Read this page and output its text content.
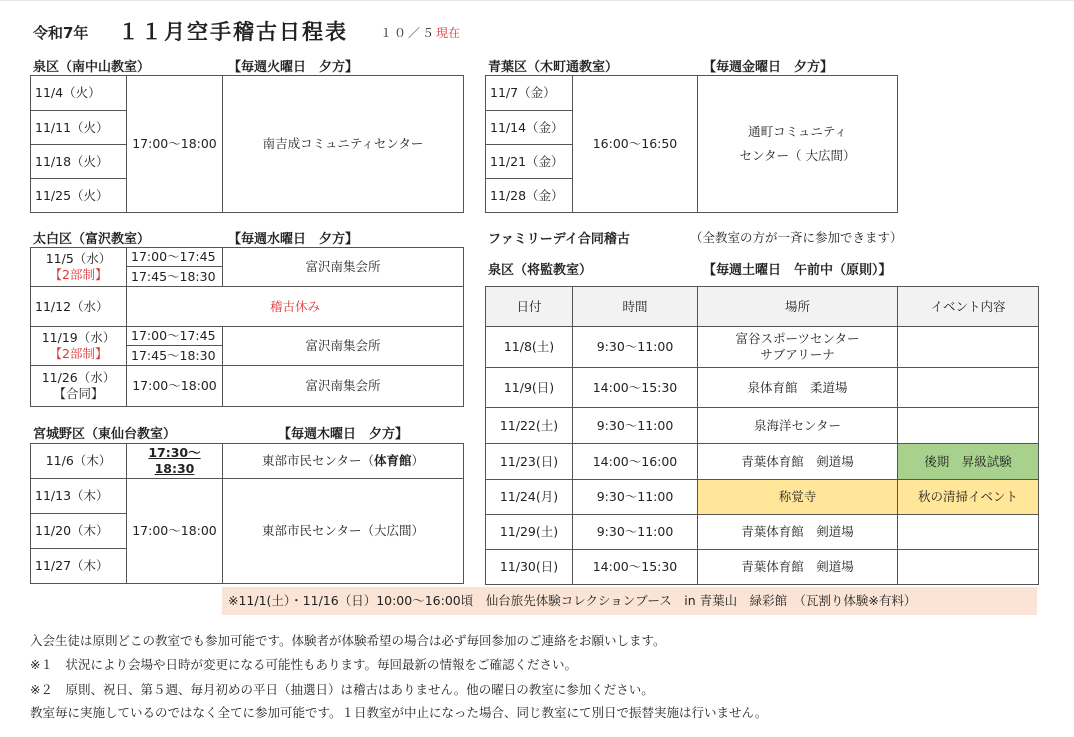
令和7年 １１月空手稽古日程表	１０／５現在
泉区（南中山教室）	【毎週火曜日　夕方】
11/4（火）	17:00〜18:00	南吉成コミュニティセンター
11/11（火）
11/18（火）
11/25（火）
青葉区（木町通教室）	【毎週金曜日　夕方】
11/7（金）	16:00〜16:50	
通町コミュニティ
センター（ 大広間）

11/14（金）
11/21（金）
11/28（金）
太白区（富沢教室）	【毎週水曜日　夕方】
11/5（水）
【2部制】	17:00〜17:45	富沢南集会所
	17:45〜18:30	
11/12（水）	稽古休み	

11/19（水）
【2部制】	17:00〜17:45	富沢南集会所
	17:45〜18:30	

11/26（水）
【合同】	17:00〜18:00	富沢南集会所
宮城野区（東仙台教室）	【毎週木曜日　夕方】
11/6（木）	17:30〜18:30	東部市民センター（体育館）
11/13（木）	17:00〜18:00	東部市民センター（大広間）
11/20（木）		
11/27（木）		
ファミリーデイ合同稽古	（全教室の方が一斉に参加できます）
泉区（将監教室）	【毎週土曜日　午前中（原則）】
日付	時間	場所	イベント内容
11/8(土)	9:30〜11:00	富谷スポーツセンター
サブアリーナ	

11/9(日)	14:00〜15:30	泉体育館　柔道場	
11/22(土)	9:30〜11:00	泉海洋センター	
11/23(日)	14:00〜16:00	青葉体育館　剣道場	後期　昇級試験
11/24(月)	9:30〜11:00	称覚寺	秋の清掃イベント
11/29(土)	9:30〜11:00	青葉体育館　剣道場	
11/30(日)	14:00〜15:30	青葉体育館　剣道場	
※11/1(土）・11/16（日）10:00〜16:00頃　仙台旅先体験コレクションブース　in 青葉山　緑彩館　（瓦割り体験※有料）
入会生徒は原則どこの教室でも参加可能です。体験者が体験希望の場合は必ず毎回参加のご連絡をお願いします。
※１　状況により会場や日時が変更になる可能性もあります。毎回最新の情報をご確認ください。
※２　原則、祝日、第５週、毎月初めの平日（抽選日）は稽古はありません。他の曜日の教室に参加ください。
教室毎に実施しているのではなく全てに参加可能です。１日教室が中止になった場合、同じ教室にて別日で振替実施は行いません。
